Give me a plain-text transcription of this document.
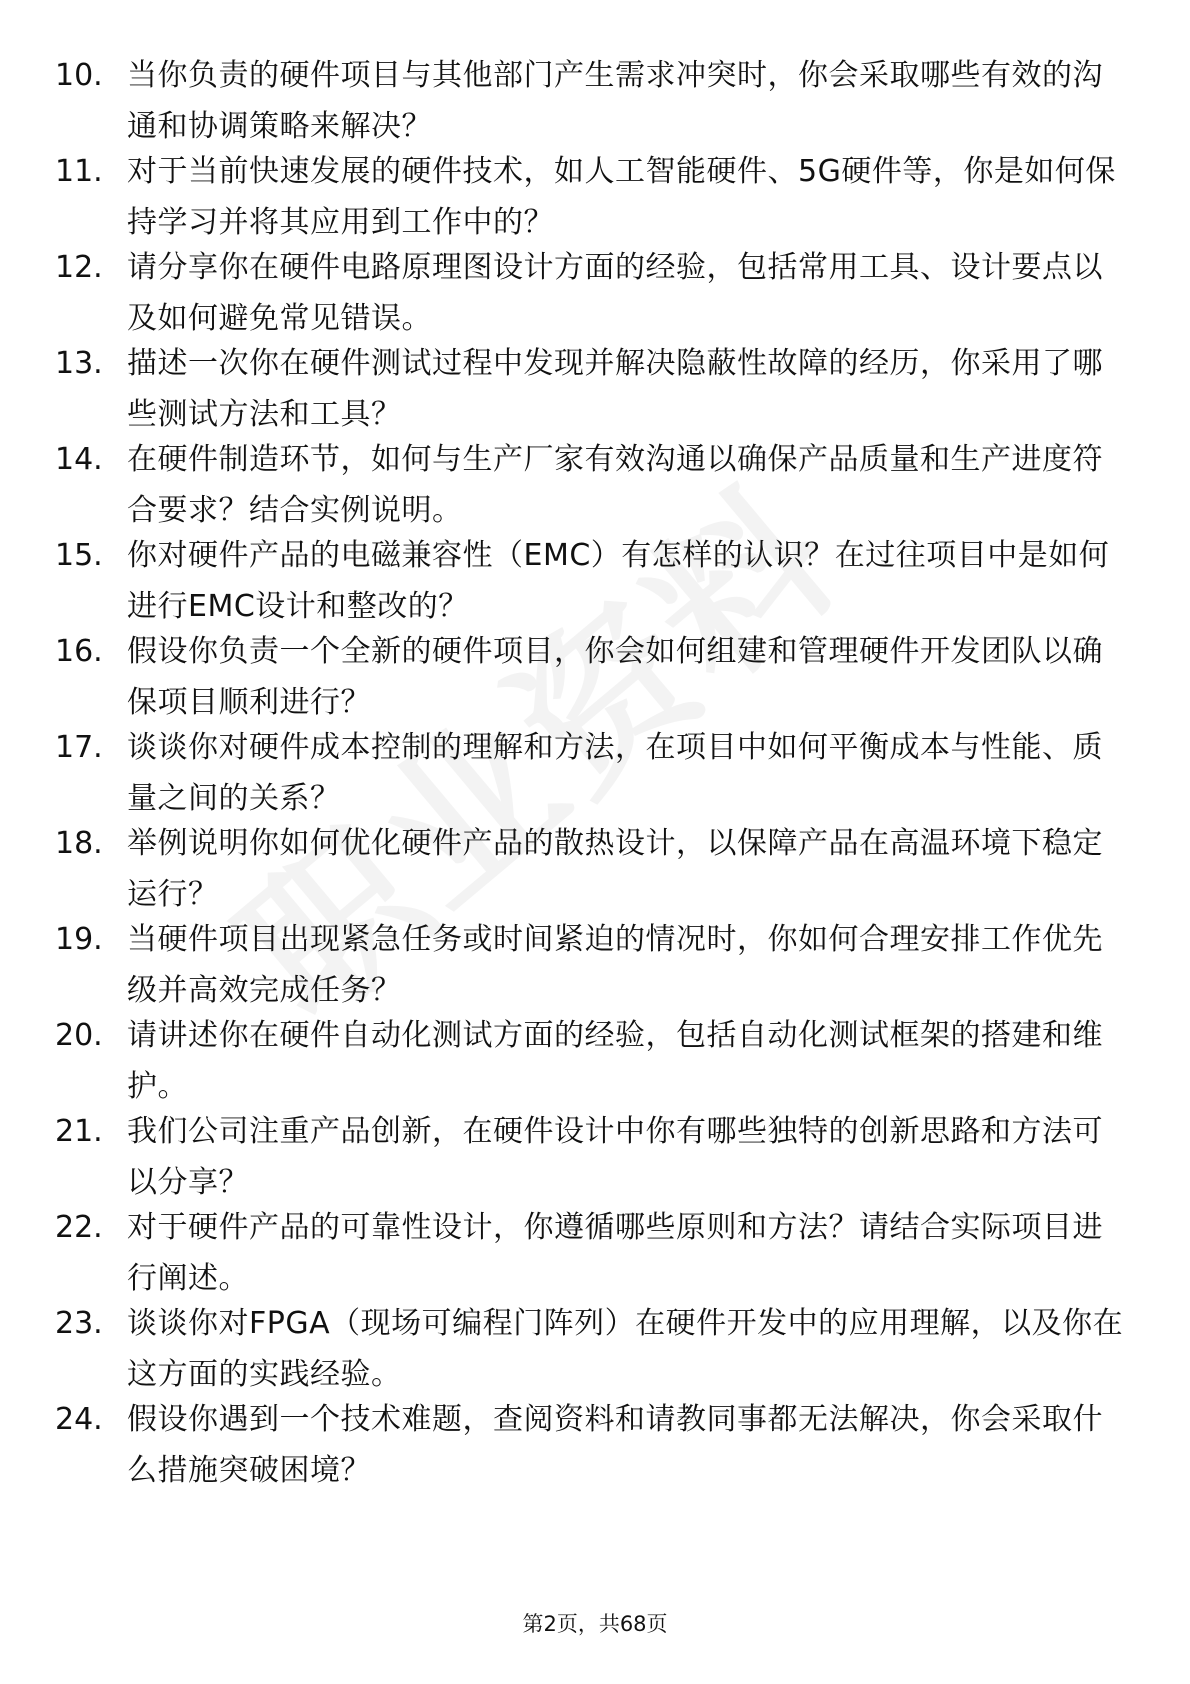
10. 当你负责的硬件项目与其他部门产生需求冲突时，你会采取哪些有效的沟通和协调策略来解决？
11. 对于当前快速发展的硬件技术，如人工智能硬件、5G硬件等，你是如何保持学习并将其应用到工作中的？
12. 请分享你在硬件电路原理图设计方面的经验，包括常用工具、设计要点以及如何避免常见错误。
13. 描述一次你在硬件测试过程中发现并解决隐蔽性故障的经历，你采用了哪些测试方法和工具？
14. 在硬件制造环节，如何与生产厂家有效沟通以确保产品质量和生产进度符合要求？结合实例说明。
15. 你对硬件产品的电磁兼容性（EMC）有怎样的认识？在过往项目中是如何进行EMC设计和整改的？
16. 假设你负责一个全新的硬件项目，你会如何组建和管理硬件开发团队以确保项目顺利进行？
17. 谈谈你对硬件成本控制的理解和方法，在项目中如何平衡成本与性能、质量之间的关系？
18. 举例说明你如何优化硬件产品的散热设计，以保障产品在高温环境下稳定运行？
19. 当硬件项目出现紧急任务或时间紧迫的情况时，你如何合理安排工作优先级并高效完成任务？
20. 请讲述你在硬件自动化测试方面的经验，包括自动化测试框架的搭建和维护。
21. 我们公司注重产品创新，在硬件设计中你有哪些独特的创新思路和方法可以分享？
22. 对于硬件产品的可靠性设计，你遵循哪些原则和方法？请结合实际项目进行阐述。
23. 谈谈你对FPGA（现场可编程门阵列）在硬件开发中的应用理解，以及你在这方面的实践经验。
24. 假设你遇到一个技术难题，查阅资料和请教同事都无法解决，你会采取什么措施突破困境？
第2页，共68页
